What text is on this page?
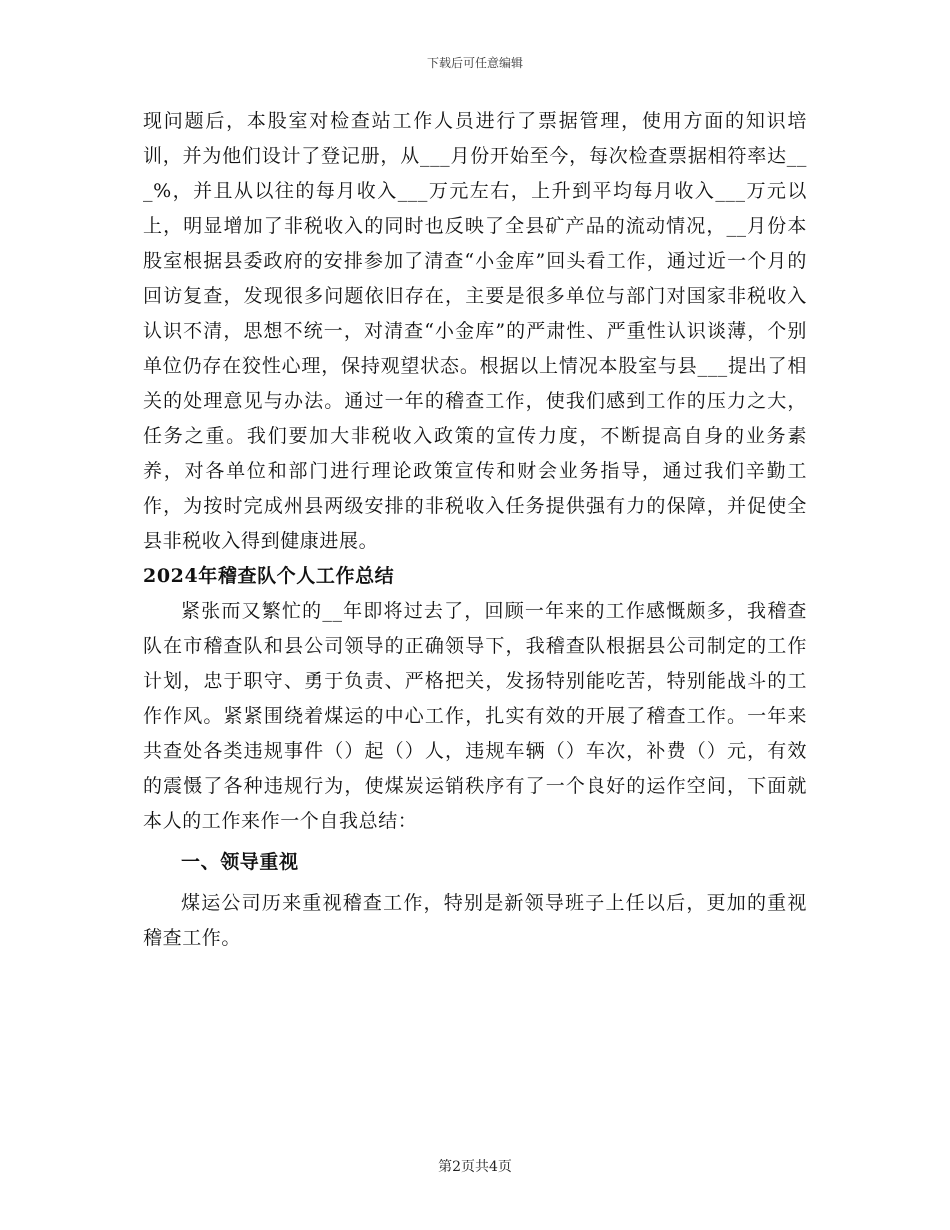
下载后可任意编辑

现问题后，本股室对检查站工作人员进行了票据管理，使用方面的知识培训，并为他们设计了登记册，从___月份开始至今，每次检查票据相符率达___%，并且从以往的每月收入___万元左右，上升到平均每月收入___万元以上，明显增加了非税收入的同时也反映了全县矿产品的流动情况，__月份本股室根据县委政府的安排参加了清查“小金库”回头看工作，通过近一个月的回访复查，发现很多问题依旧存在，主要是很多单位与部门对国家非税收入认识不清，思想不统一，对清查“小金库”的严肃性、严重性认识谈薄，个别单位仍存在狡性心理，保持观望状态。根据以上情况本股室与县___提出了相关的处理意见与办法。通过一年的稽查工作，使我们感到工作的压力之大，任务之重。我们要加大非税收入政策的宣传力度，不断提高自身的业务素养，对各单位和部门进行理论政策宣传和财会业务指导，通过我们辛勤工作，为按时完成州县两级安排的非税收入任务提供强有力的保障，并促使全县非税收入得到健康进展。

2024年稽查队个人工作总结

紧张而又繁忙的__年即将过去了，回顾一年来的工作感慨颇多，我稽查队在市稽查队和县公司领导的正确领导下，我稽查队根据县公司制定的工作计划，忠于职守、勇于负责、严格把关，发扬特别能吃苦，特别能战斗的工作作风。紧紧围绕着煤运的中心工作，扎实有效的开展了稽查工作。一年来共查处各类违规事件（）起（）人，违规车辆（）车次，补费（）元，有效的震慑了各种违规行为，使煤炭运销秩序有了一个良好的运作空间，下面就本人的工作来作一个自我总结：

一、领导重视

煤运公司历来重视稽查工作，特别是新领导班子上任以后，更加的重视稽查工作。

第2页共4页
